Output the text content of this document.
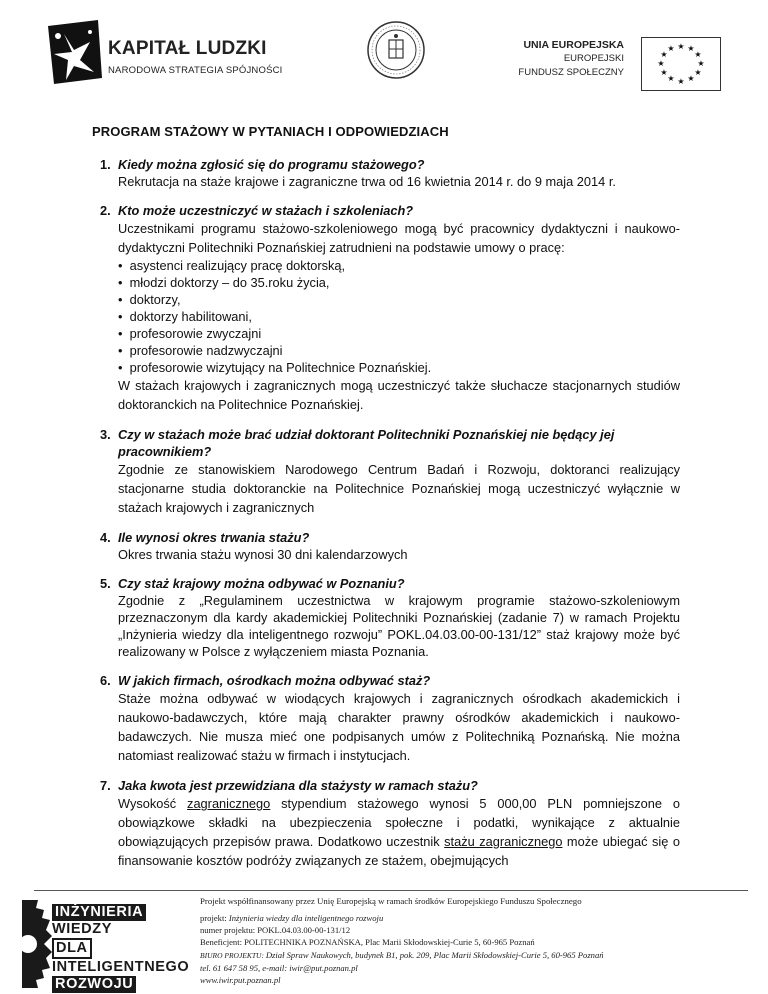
KAPITAŁ LUDZKI
NARODOWA STRATEGIA SPÓJNOŚCI
UNIA EUROPEJSKA
EUROPEJSKI
FUNDUSZ SPOŁECZNY
★ ★
★
★
★
★
★
★
★
★
★
★
PROGRAM STAŻOWY W PYTANIACH I ODPOWIEDZIACH
1. Kiedy można zgłosić się do programu stażowego?
Rekrutacja na staże krajowe i zagraniczne trwa od 16 kwietnia 2014 r. do 9 maja 2014 r.
2. Kto może uczestniczyć w stażach i szkoleniach?
Uczestnikami programu stażowo-szkoleniowego mogą być pracownicy dydaktyczni i naukowo-dydaktyczni Politechniki Poznańskiej zatrudnieni na podstawie umowy o pracę:
•  asystenci realizujący pracę doktorską,
•  młodzi doktorzy – do 35.roku życia,
•  doktorzy,
•  doktorzy habilitowani,
•  profesorowie zwyczajni
•  profesorowie nadzwyczajni
•  profesorowie wizytujący na Politechnice Poznańskiej.
W stażach krajowych i zagranicznych mogą uczestniczyć także słuchacze stacjonarnych studiów doktoranckich na Politechnice Poznańskiej.
3. Czy w stażach może brać udział doktorant Politechniki Poznańskiej nie będący jej pracownikiem?
Zgodnie ze stanowiskiem Narodowego Centrum Badań i Rozwoju, doktoranci realizujący stacjonarne studia doktoranckie na Politechnice Poznańskiej mogą uczestniczyć wyłącznie w stażach krajowych i zagranicznych
4. Ile wynosi okres trwania stażu?
Okres trwania stażu wynosi 30 dni kalendarzowych
5. Czy staż krajowy można odbywać w Poznaniu?
Zgodnie z „Regulaminem uczestnictwa w krajowym programie stażowo-szkoleniowym przeznaczonym dla kardy akademickiej Politechniki Poznańskiej (zadanie 7) w ramach Projektu „Inżynieria wiedzy dla inteligentnego rozwoju” POKL.04.03.00-00-131/12” staż krajowy może być realizowany w Polsce z wyłączeniem miasta Poznania.
6. W jakich firmach, ośrodkach można odbywać staż?
Staże można odbywać w wiodących krajowych i zagranicznych ośrodkach akademickich i naukowo-badawczych, które mają charakter prawny ośrodków akademickich i naukowo-badawczych. Nie musza mieć one podpisanych umów z Politechniką Poznańską. Nie można natomiast realizować stażu w firmach i instytucjach.
7. Jaka kwota jest przewidziana dla stażysty w ramach stażu?
Wysokość zagranicznego stypendium stażowego wynosi 5 000,00 PLN pomniejszone o obowiązkowe składki na ubezpieczenia społeczne i podatki, wynikające z aktualnie obowiązujących przepisów prawa. Dodatkowo uczestnik stażu zagranicznego może ubiegać się o finansowanie kosztów podróży związanych ze stażem, obejmujących
Projekt współfinansowany przez Unię Europejską w ramach środków Europejskiego Funduszu Społecznego
INŻYNIERIA
WIEDZY
DLA
INTELIGENTNEGO
ROZWOJU
projekt: Inżynieria wiedzy dla inteligentnego rozwoju
numer projektu: POKL.04.03.00-00-131/12
Beneficjent: POLITECHNIKA POZNAŃSKA, Plac Marii Skłodowskiej-Curie 5, 60-965 Poznań
BIURO PROJEKTU: Dział Spraw Naukowych, budynek B1, pok. 209, Plac Marii Skłodowskiej-Curie 5, 60-965 Poznań
tel. 61 647 58 95, e-mail: iwir@put.poznan.pl
www.iwir.put.poznan.pl
